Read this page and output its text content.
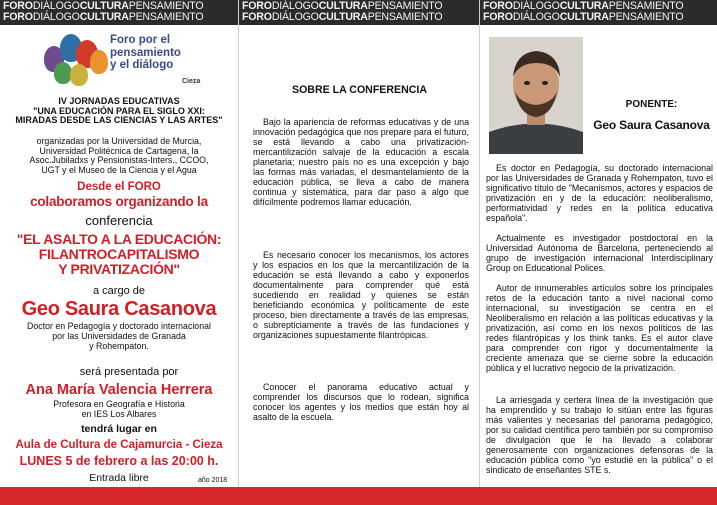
FORODIÁLOGOCULTURAPENSAMIENTO
FORODIÁLOGOCULTURAPENSAMIENTO
Foro por el
pensamiento
y el diálogo
Cieza
IV JORNADAS EDUCATIVAS
"UNA EDUCACIÓN PARA EL SIGLO XXI:
MIRADAS DESDE LAS CIENCIAS Y LAS ARTES"
organizadas por la Universidad de Murcia,
Universidad Politécnica de Cartagena, la
Asoc.Jubiladxs y Pensionistas-Inters., CCOO,
UGT y el Museo de la Ciencia y el Agua
Desde el FORO
colaboramos organizando la
conferencia
"EL ASALTO A LA EDUCACIÓN:
FILANTROCAPITALISMO
Y PRIVATIZACIÓN"
a cargo de
Geo Saura Casanova
Doctor en Pedagogía y doctorado internacional
por las Universidades de Granada
y Rohempaton.
será presentada por
Ana María Valencia Herrera
Profesora en Geografía e Historia
en IES Los Albares
tendrá lugar en
Aula de Cultura de Cajamurcia - Cieza
LUNES 5 de febrero a las 20:00 h.
Entrada libre	año 2018
FORODIÁLOGOCULTURAPENSAMIENTO
FORODIÁLOGOCULTURAPENSAMIENTO
SOBRE LA CONFERENCIA

Bajo la apariencia de reformas educativas y de una innovación pedagógica que nos prepare para el futuro, se está llevando a cabo una privatización-mercantilización salvaje de la educación a escala planetaria; nuestro país no es una excepción y bajo las formas más variadas, el desmantelamiento de la educación pública, se lleva a cabo de manera continua y sistemática, para dar paso a algo que difícilmente podremos llamar educación.

Es necesario conocer los mecanismos, los actores y los espacios en los que la mercantilización de la educación se está llevando a cabo y exponerlos documentalmente para comprender qué está sucediendo en realidad y quienes se están beneficiando económica y políticamente de este proceso, bien directamente a través de las empresas, o subrepticiamente a través de las fundaciones y organizaciones supuestamente filantrópicas.

Conocer el panorama educativo actual y comprender los discursos que lo rodean, significa conocer los agentes y los medios que están hoy al asalto de la escuela.

FORODIÁLOGOCULTURAPENSAMIENTO
FORODIÁLOGOCULTURAPENSAMIENTO
PONENTE:
Geo Saura Casanova

Es doctor en Pedagogía, su doctorado internacional por las Universidades de Granada y Rohempaton, tuvo el significativo título de "Mecanismos, actores y espacios de privatización en y de la educación: neoliberalismo, performatividad y redes en la política educativa española".

Actualmente es investigador postdoctoral en la Universidad Autónoma de Barcelona, perteneciendo al grupo de investigación internacional Interdisciplinary Group on Educational Polices.

Autor de innumerables artículos sobre los principales retos de la educación tanto a nivel nacional como internacional, su investigación se centra en el Neoliberalismo en relación a las políticas educativas y la privatización, así como en los nexos políticos de las redes filantrópicas y los think tanks. Es el autor clave para comprender con rigor y documentalmente la creciente amenaza que se cierne sobre la educación pública y el lucrativo negocio de la privatización.

La arriesgada y certera línea de la investigación que ha emprendido y su trabajo lo sitúan entre las figuras más valientes y necesarias del panorama pedagógico, por su calidad científica pero también por su compromiso de divulgación que le ha llevado a colaborar generosamente con organizaciones defensoras de la educación pública como "yo estudié en la pública" o el sindicato de enseñantes STE s.
